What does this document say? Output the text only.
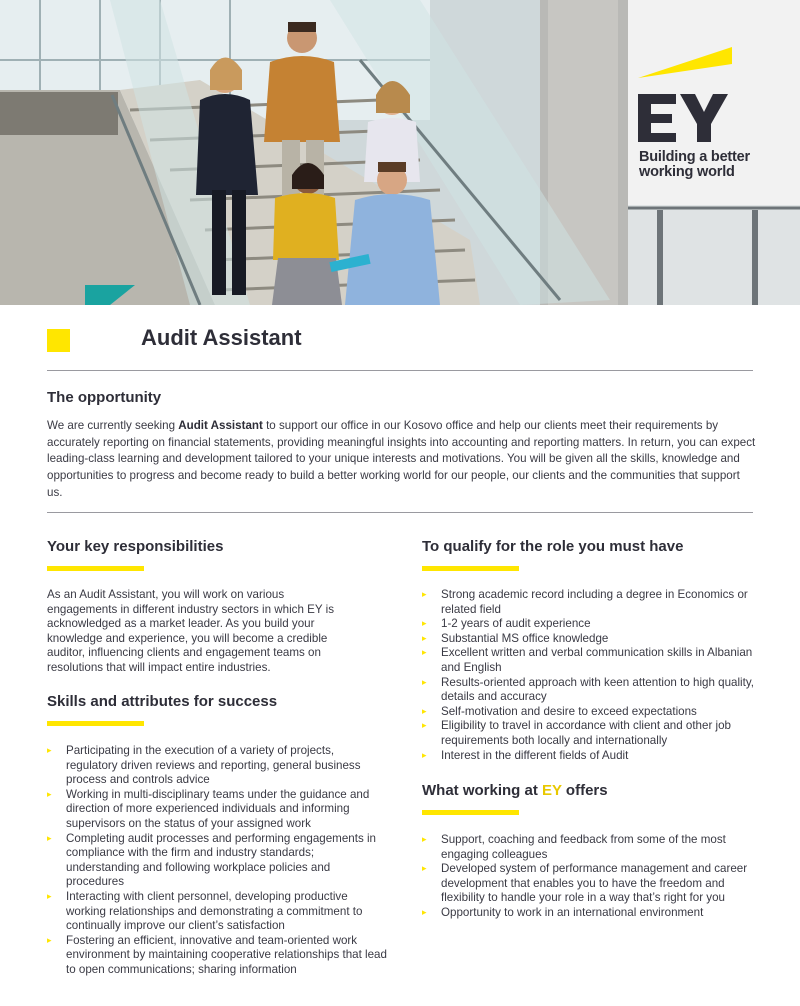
Building a better
working world
Audit Assistant
The opportunity

We are currently seeking Audit Assistant to support our office in our Kosovo office and help our clients meet their requirements by accurately reporting on financial statements, providing meaningful insights into accounting and reporting matters. In return, you can expect leading-class learning and development tailored to your unique interests and motivations. You will be given all the skills, knowledge and opportunities to progress and become ready to build a better working world for our people, our clients and the communities that support us.

Your key responsibilities

As an Audit Assistant, you will work on various engagements in different industry sectors in which EY is acknowledged as a market leader. As you build your knowledge and experience, you will become a credible auditor, influencing clients and engagement teams on resolutions that will impact entire industries.

Skills and attributes for success
▸ Participating in the execution of a variety of projects, regulatory driven reviews and reporting, general business process and controls advice
▸ Working in multi-disciplinary teams under the guidance and direction of more experienced individuals and informing supervisors on the status of your assigned work
▸ Completing audit processes and performing engagements in compliance with the firm and industry standards; understanding and following workplace policies and procedures
▸ Interacting with client personnel, developing productive working relationships and demonstrating a commitment to continually improve our client’s satisfaction
▸ Fostering an efficient, innovative and team-oriented work environment by maintaining cooperative relationships that lead to open communications; sharing information
To qualify for the role you must have
▸ Strong academic record including a degree in Economics or related field
▸ 1-2 years of audit experience
▸ Substantial MS office knowledge
▸ Excellent written and verbal communication skills in Albanian and English
▸ Results-oriented approach with keen attention to high quality, details and accuracy
▸ Self-motivation and desire to exceed expectations
▸ Eligibility to travel in accordance with client and other job requirements both locally and internationally
▸ Interest in the different fields of Audit
What working at EY offers
▸ Support, coaching and feedback from some of the most engaging colleagues
▸ Developed system of performance management and career development that enables you to have the freedom and flexibility to handle your role in a way that’s right for you
▸ Opportunity to work in an international environment
